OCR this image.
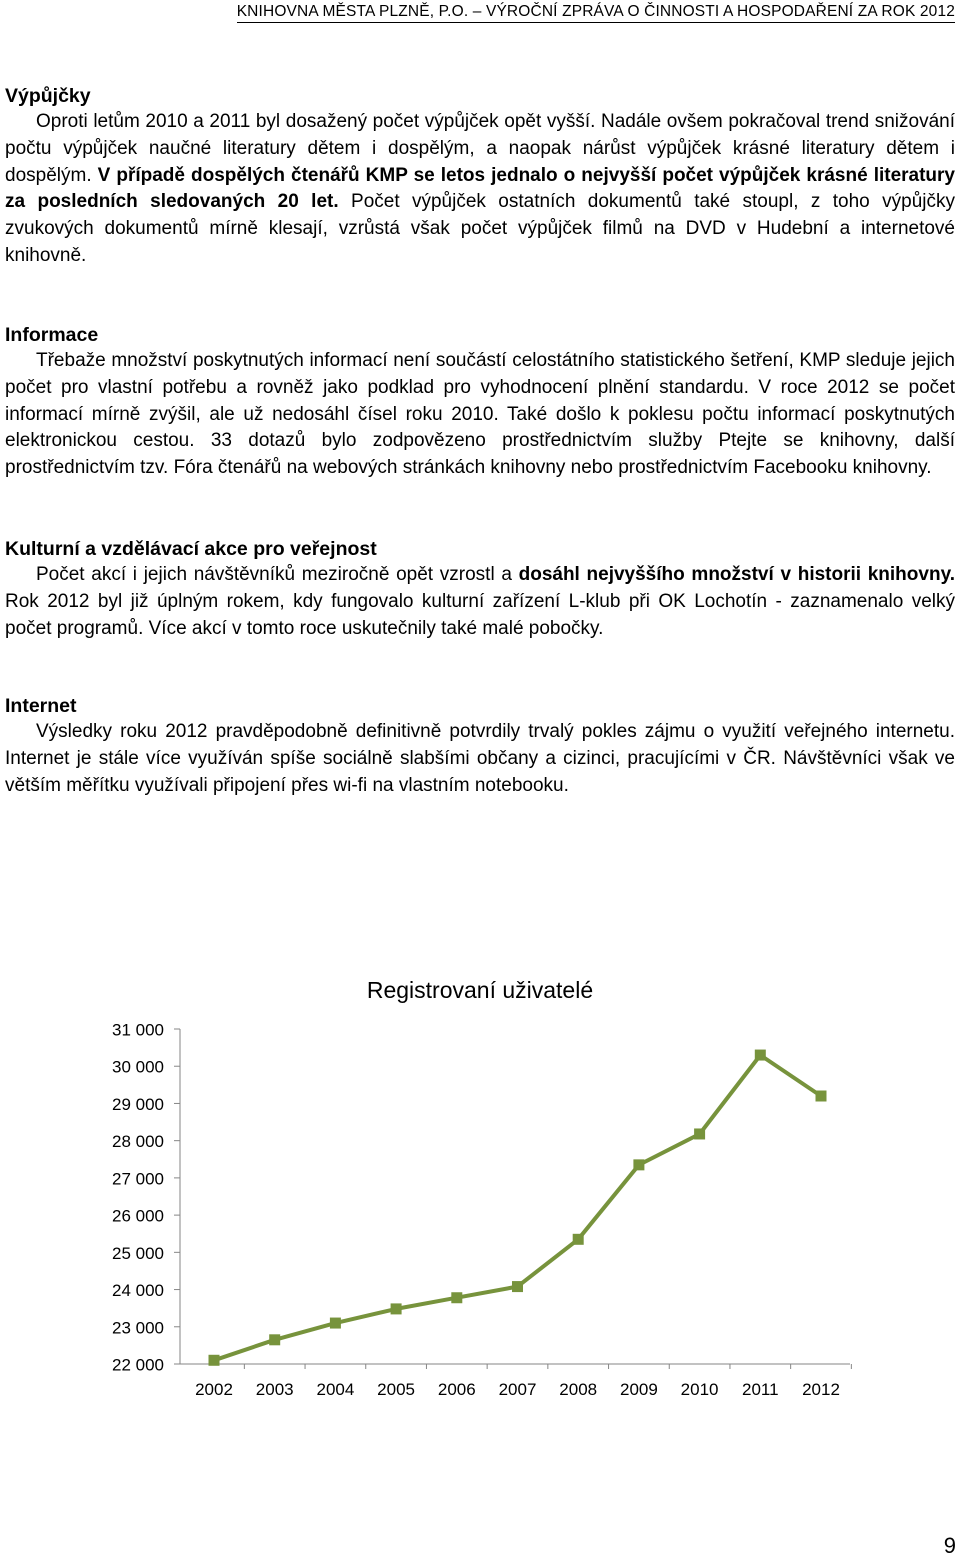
KNIHOVNA MĚSTA PLZNĚ, P.O. – VÝROČNÍ ZPRÁVA O ČINNOSTI A HOSPODAŘENÍ ZA ROK 2012
Výpůjčky
Oproti letům 2010 a 2011 byl dosažený počet výpůjček opět vyšší. Nadále ovšem pokračoval trend snižování počtu výpůjček naučné literatury dětem i dospělým, a naopak nárůst výpůjček krásné literatury dětem i dospělým. V případě dospělých čtenářů KMP se letos jednalo o nejvyšší počet výpůjček krásné literatury za posledních sledovaných 20 let. Počet výpůjček ostatních dokumentů také stoupl, z toho výpůjčky zvukových dokumentů mírně klesají, vzrůstá však počet výpůjček filmů na DVD v Hudební a internetové knihovně.
Informace
Třebaže množství poskytnutých informací není součástí celostátního statistického šetření, KMP sleduje jejich počet pro vlastní potřebu a rovněž jako podklad pro vyhodnocení plnění standardu. V roce 2012 se počet informací mírně zvýšil, ale už nedosáhl čísel roku 2010. Také došlo k poklesu počtu informací poskytnutých elektronickou cestou. 33 dotazů bylo zodpovězeno prostřednictvím služby Ptejte se knihovny, další prostřednictvím tzv. Fóra čtenářů na webových stránkách knihovny nebo prostřednictvím Facebooku knihovny.
Kulturní a vzdělávací akce pro veřejnost
Počet akcí i jejich návštěvníků meziročně opět vzrostl a dosáhl nejvyššího množství v historii knihovny. Rok 2012 byl již úplným rokem, kdy fungovalo kulturní zařízení L-klub při OK Lochotín - zaznamenalo velký počet programů. Více akcí v tomto roce uskutečnily také malé pobočky.
Internet
Výsledky roku 2012 pravděpodobně definitivně potvrdily trvalý pokles zájmu o využití veřejného internetu. Internet je stále více využíván spíše sociálně slabšími občany a cizinci, pracujícími v ČR. Návštěvníci však ve větším měřítku využívali připojení přes wi-fi na vlastním notebooku.
Registrovaní uživatelé
22 000
23 000
24 000
25 000
26 000
27 000
28 000
29 000
30 000
31 000
2002 2003 2004 2005 2006 2007 2008 2009 2010 2011 2012
9
